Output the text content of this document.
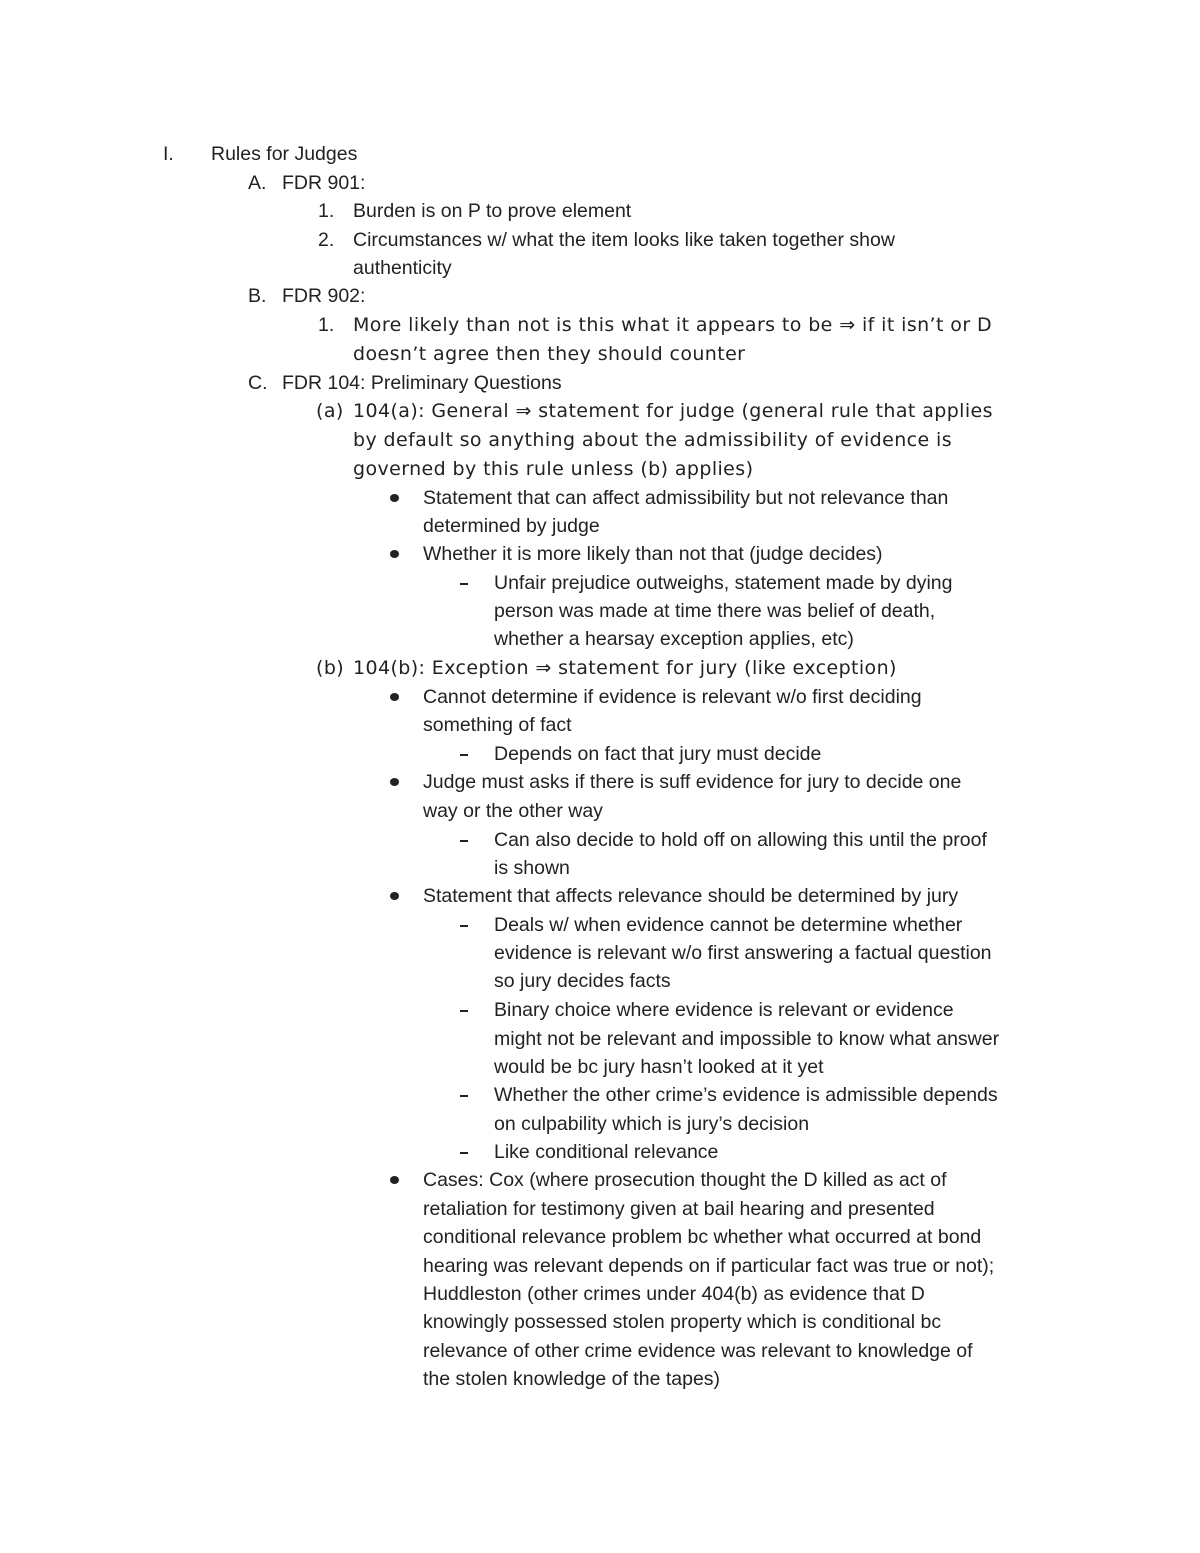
I. Rules for Judges
A. FDR 901:
1. Burden is on P to prove element
2. Circumstances w/ what the item looks like taken together show
authenticity
B. FDR 902:
1. More likely than not is this what it appears to be ⇒ if it isn’t or D
doesn’t agree then they should counter
C. FDR 104: Preliminary Questions
(a) 104(a): General ⇒ statement for judge (general rule that applies
by default so anything about the admissibility of evidence is
governed by this rule unless (b) applies)
Statement that can affect admissibility but not relevance than
determined by judge
Whether it is more likely than not that (judge decides)
Unfair prejudice outweighs, statement made by dying
person was made at time there was belief of death,
whether a hearsay exception applies, etc)
(b) 104(b): Exception ⇒ statement for jury (like exception)
Cannot determine if evidence is relevant w/o first deciding
something of fact
Depends on fact that jury must decide
Judge must asks if there is suff evidence for jury to decide one
way or the other way
Can also decide to hold off on allowing this until the proof
is shown
Statement that affects relevance should be determined by jury
Deals w/ when evidence cannot be determine whether
evidence is relevant w/o first answering a factual question
so jury decides facts
Binary choice where evidence is relevant or evidence
might not be relevant and impossible to know what answer
would be bc jury hasn’t looked at it yet
Whether the other crime’s evidence is admissible depends
on culpability which is jury’s decision
Like conditional relevance
Cases: Cox (where prosecution thought the D killed as act of
retaliation for testimony given at bail hearing and presented
conditional relevance problem bc whether what occurred at bond
hearing was relevant depends on if particular fact was true or not);
Huddleston (other crimes under 404(b) as evidence that D
knowingly possessed stolen property which is conditional bc
relevance of other crime evidence was relevant to knowledge of
the stolen knowledge of the tapes)
